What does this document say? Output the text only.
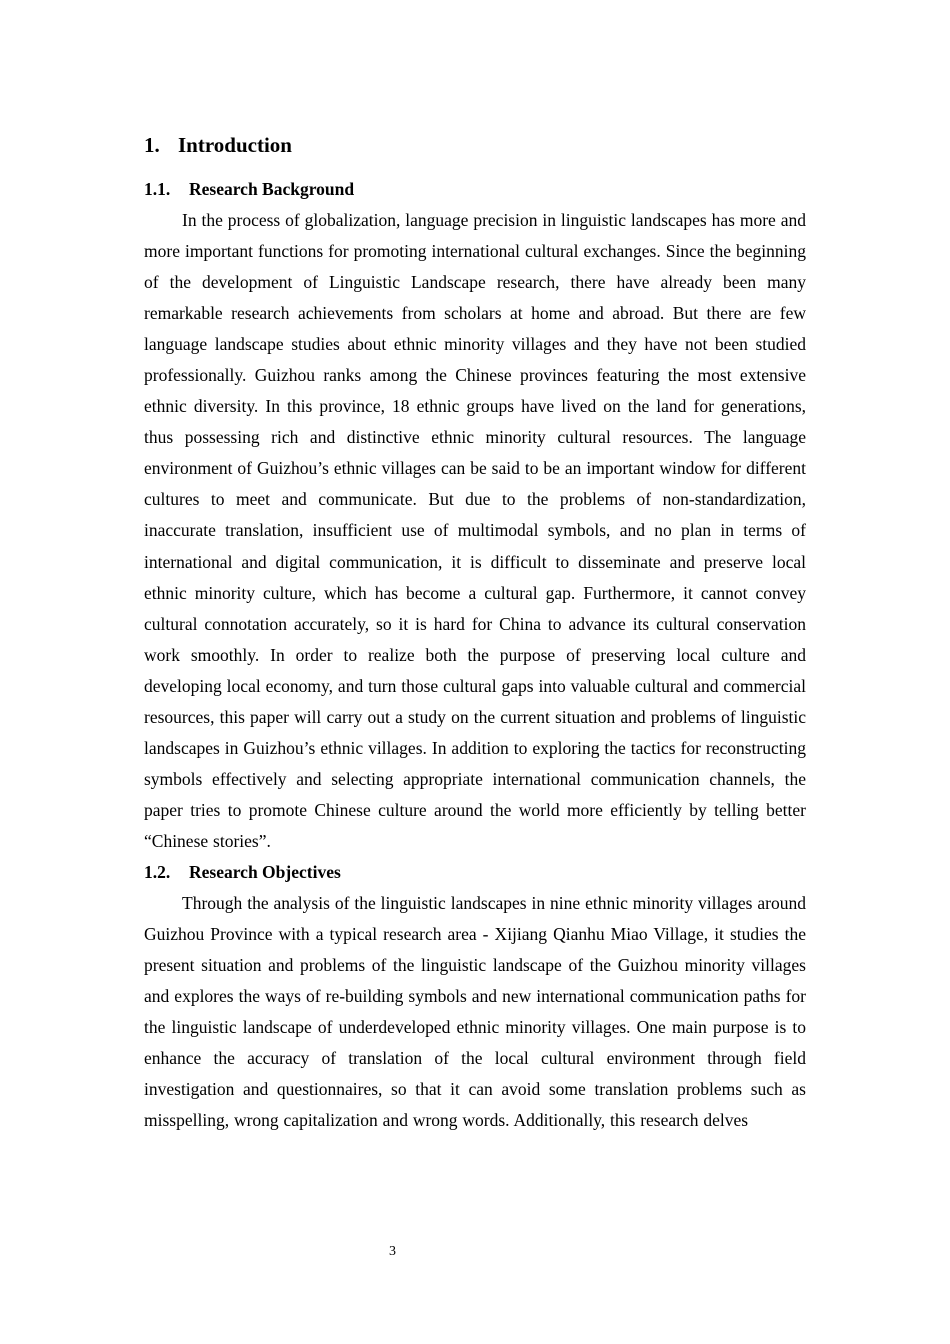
1. Introduction
1.1. Research Background

In the process of globalization, language precision in linguistic landscapes has more and more important functions for promoting international cultural exchanges. Since the beginning of the development of Linguistic Landscape research, there have already been many remarkable research achievements from scholars at home and abroad. But there are few language landscape studies about ethnic minority villages and they have not been studied professionally. Guizhou ranks among the Chinese provinces featuring the most extensive ethnic diversity. In this province, 18 ethnic groups have lived on the land for generations, thus possessing rich and distinctive ethnic minority cultural resources. The language environment of Guizhou’s ethnic villages can be said to be an important window for different cultures to meet and communicate. But due to the problems of non-standardization, inaccurate translation, insufficient use of multimodal symbols, and no plan in terms of international and digital communication, it is difficult to disseminate and preserve local ethnic minority culture, which has become a cultural gap. Furthermore, it cannot convey cultural connotation accurately, so it is hard for China to advance its cultural conservation work smoothly. In order to realize both the purpose of preserving local culture and developing local economy, and turn those cultural gaps into valuable cultural and commercial resources, this paper will carry out a study on the current situation and problems of linguistic landscapes in Guizhou’s ethnic villages. In addition to exploring the tactics for reconstructing symbols effectively and selecting appropriate international communication channels, the paper tries to promote Chinese culture around the world more efficiently by telling better “Chinese stories”.

1.2. Research Objectives

Through the analysis of the linguistic landscapes in nine ethnic minority villages around Guizhou Province with a typical research area - Xijiang Qianhu Miao Village, it studies the present situation and problems of the linguistic landscape of the Guizhou minority villages and explores the ways of re-building symbols and new international communication paths for the linguistic landscape of underdeveloped ethnic minority villages. One main purpose is to enhance the accuracy of translation of the local cultural environment through field investigation and questionnaires, so that it can avoid some translation problems such as misspelling, wrong capitalization and wrong words. Additionally, this research delves

3
